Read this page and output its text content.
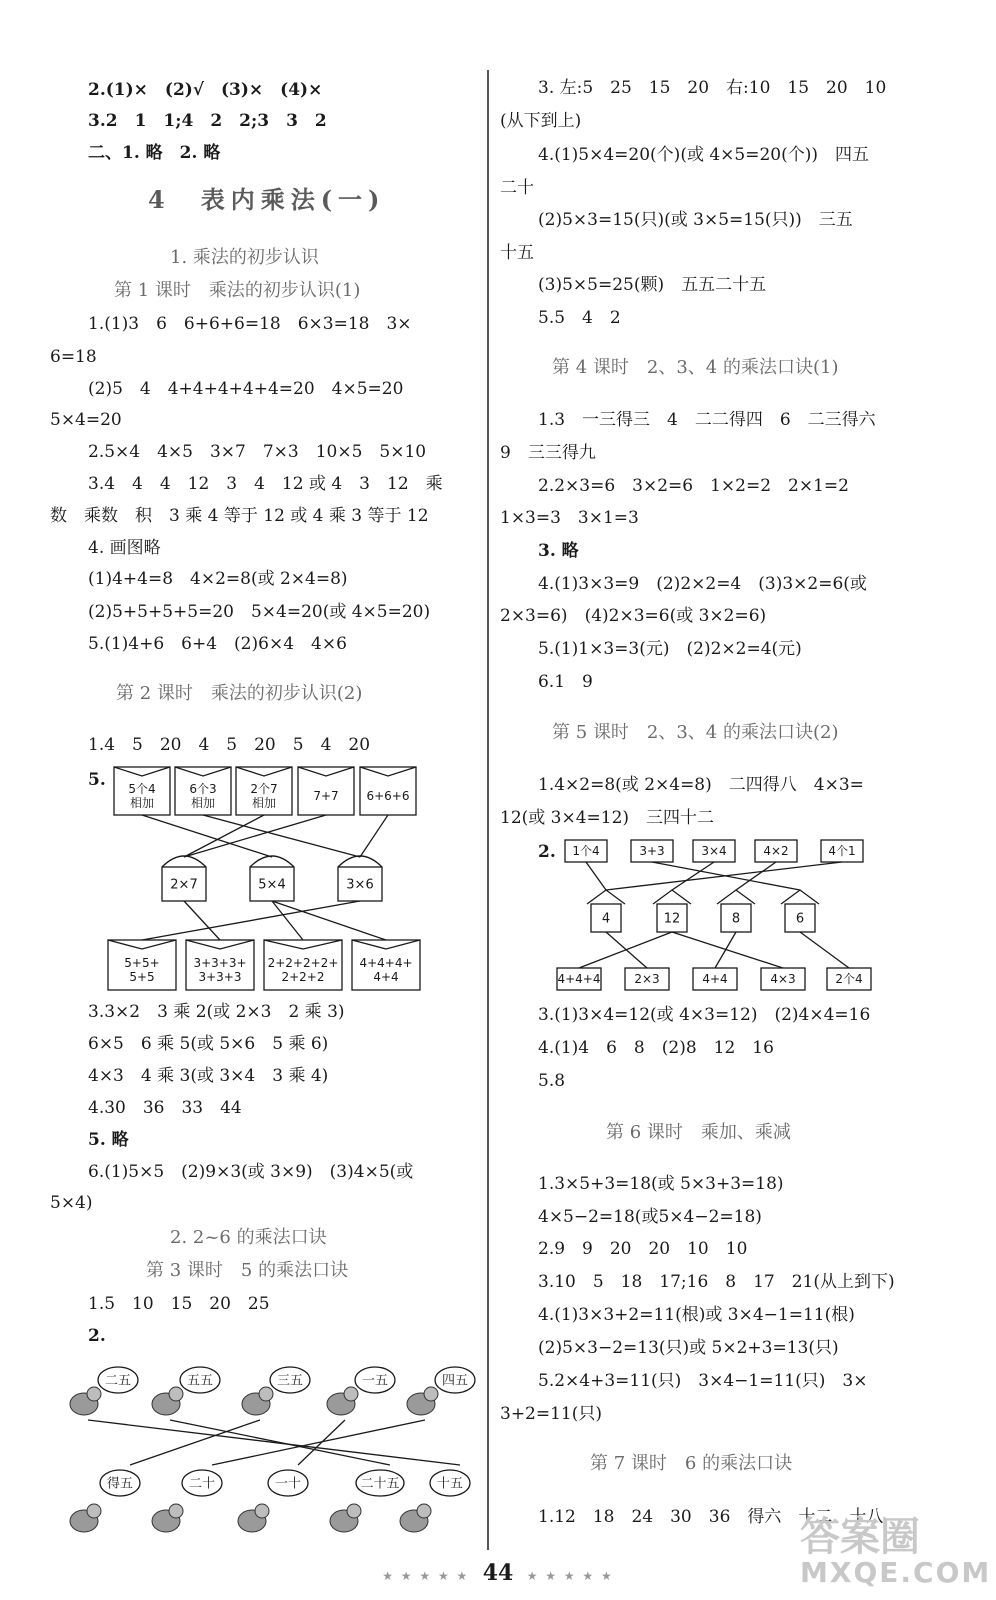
2.(1)×　(2)√　(3)×　(4)×
3.2　1　1;4　2　2;3　3　2
二、1. 略　2. 略
4　表内乘法(一)
1. 乘法的初步认识
第 1 课时　乘法的初步认识(1)
1.(1)3　6　6+6+6=18　6×3=18　3×
6=18
(2)5　4　4+4+4+4+4=20　4×5=20
5×4=20
2.5×4　4×5　3×7　7×3　10×5　5×10
3.4　4　4　12　3　4　12 或 4　3　12　乘
数　乘数　积　3 乘 4 等于 12 或 4 乘 3 等于 12
4. 画图略
(1)4+4=8　4×2=8(或 2×4=8)
(2)5+5+5+5=20　5×4=20(或 4×5=20)
5.(1)4+6　6+4　(2)6×4　4×6
第 2 课时　乘法的初步认识(2)
1.4　5　20　4　5　20　5　4　20
5.
3.3×2　3 乘 2(或 2×3　2 乘 3)
6×5　6 乘 5(或 5×6　5 乘 6)
4×3　4 乘 3(或 3×4　3 乘 4)
4.30　36　33　44
5. 略
6.(1)5×5　(2)9×3(或 3×9)　(3)4×5(或
5×4)
2. 2~6 的乘法口诀
第 3 课时　5 的乘法口诀
1.5　10　15　20　25
2.
3. 左:5　25　15　20　右:10　15　20　10
(从下到上)
4.(1)5×4=20(个)(或 4×5=20(个))　四五
二十
(2)5×3=15(只)(或 3×5=15(只))　三五
十五
(3)5×5=25(颗)　五五二十五
5.5　4　2
第 4 课时　2、3、4 的乘法口诀(1)
1.3　一三得三　4　二二得四　6　二三得六
9　三三得九
2.2×3=6　3×2=6　1×2=2　2×1=2
1×3=3　3×1=3
3. 略
4.(1)3×3=9　(2)2×2=4　(3)3×2=6(或
2×3=6)　(4)2×3=6(或 3×2=6)
5.(1)1×3=3(元)　(2)2×2=4(元)
6.1　9
第 5 课时　2、3、4 的乘法口诀(2)
1.4×2=8(或 2×4=8)　二四得八　4×3=
12(或 3×4=12)　三四十二
2.
3.(1)3×4=12(或 4×3=12)　(2)4×4=16
4.(1)4　6　8　(2)8　12　16
5.8
第 6 课时　乘加、乘减
1.3×5+3=18(或 5×3+3=18)
4×5−2=18(或5×4−2=18)
2.9　9　20　20　10　10
3.10　5　18　17;16　8　17　21(从上到下)
4.(1)3×3+2=11(根)或 3×4−1=11(根)
(2)5×3−2=13(只)或 5×2+3=13(只)
5.2×4+3=11(只)　3×4−1=11(只)　3×
3+2=11(只)
第 7 课时　6 的乘法口诀
1.12　18　24　30　36　得六　十二　十八
5个4
相加
6个3
相加
2个7
相加	7+7 6+6+6
2×7	5×4	3×6
5+5+
5+5
3+3+3+
3+3+3
2+2+2+2+
2+2+2
4+4+4+
4+4
二五	五五	三五	一五	四五
得五	二十	一十	二十五	十五
1个4	3+3	3×4	4×2	4个1
4	12	8	6
4+4+4	2×3	4+4	4×3	2个4
★ ★ ★ ★ ★ 44 ★ ★ ★ ★ ★
答案圈
MXQE.COM
